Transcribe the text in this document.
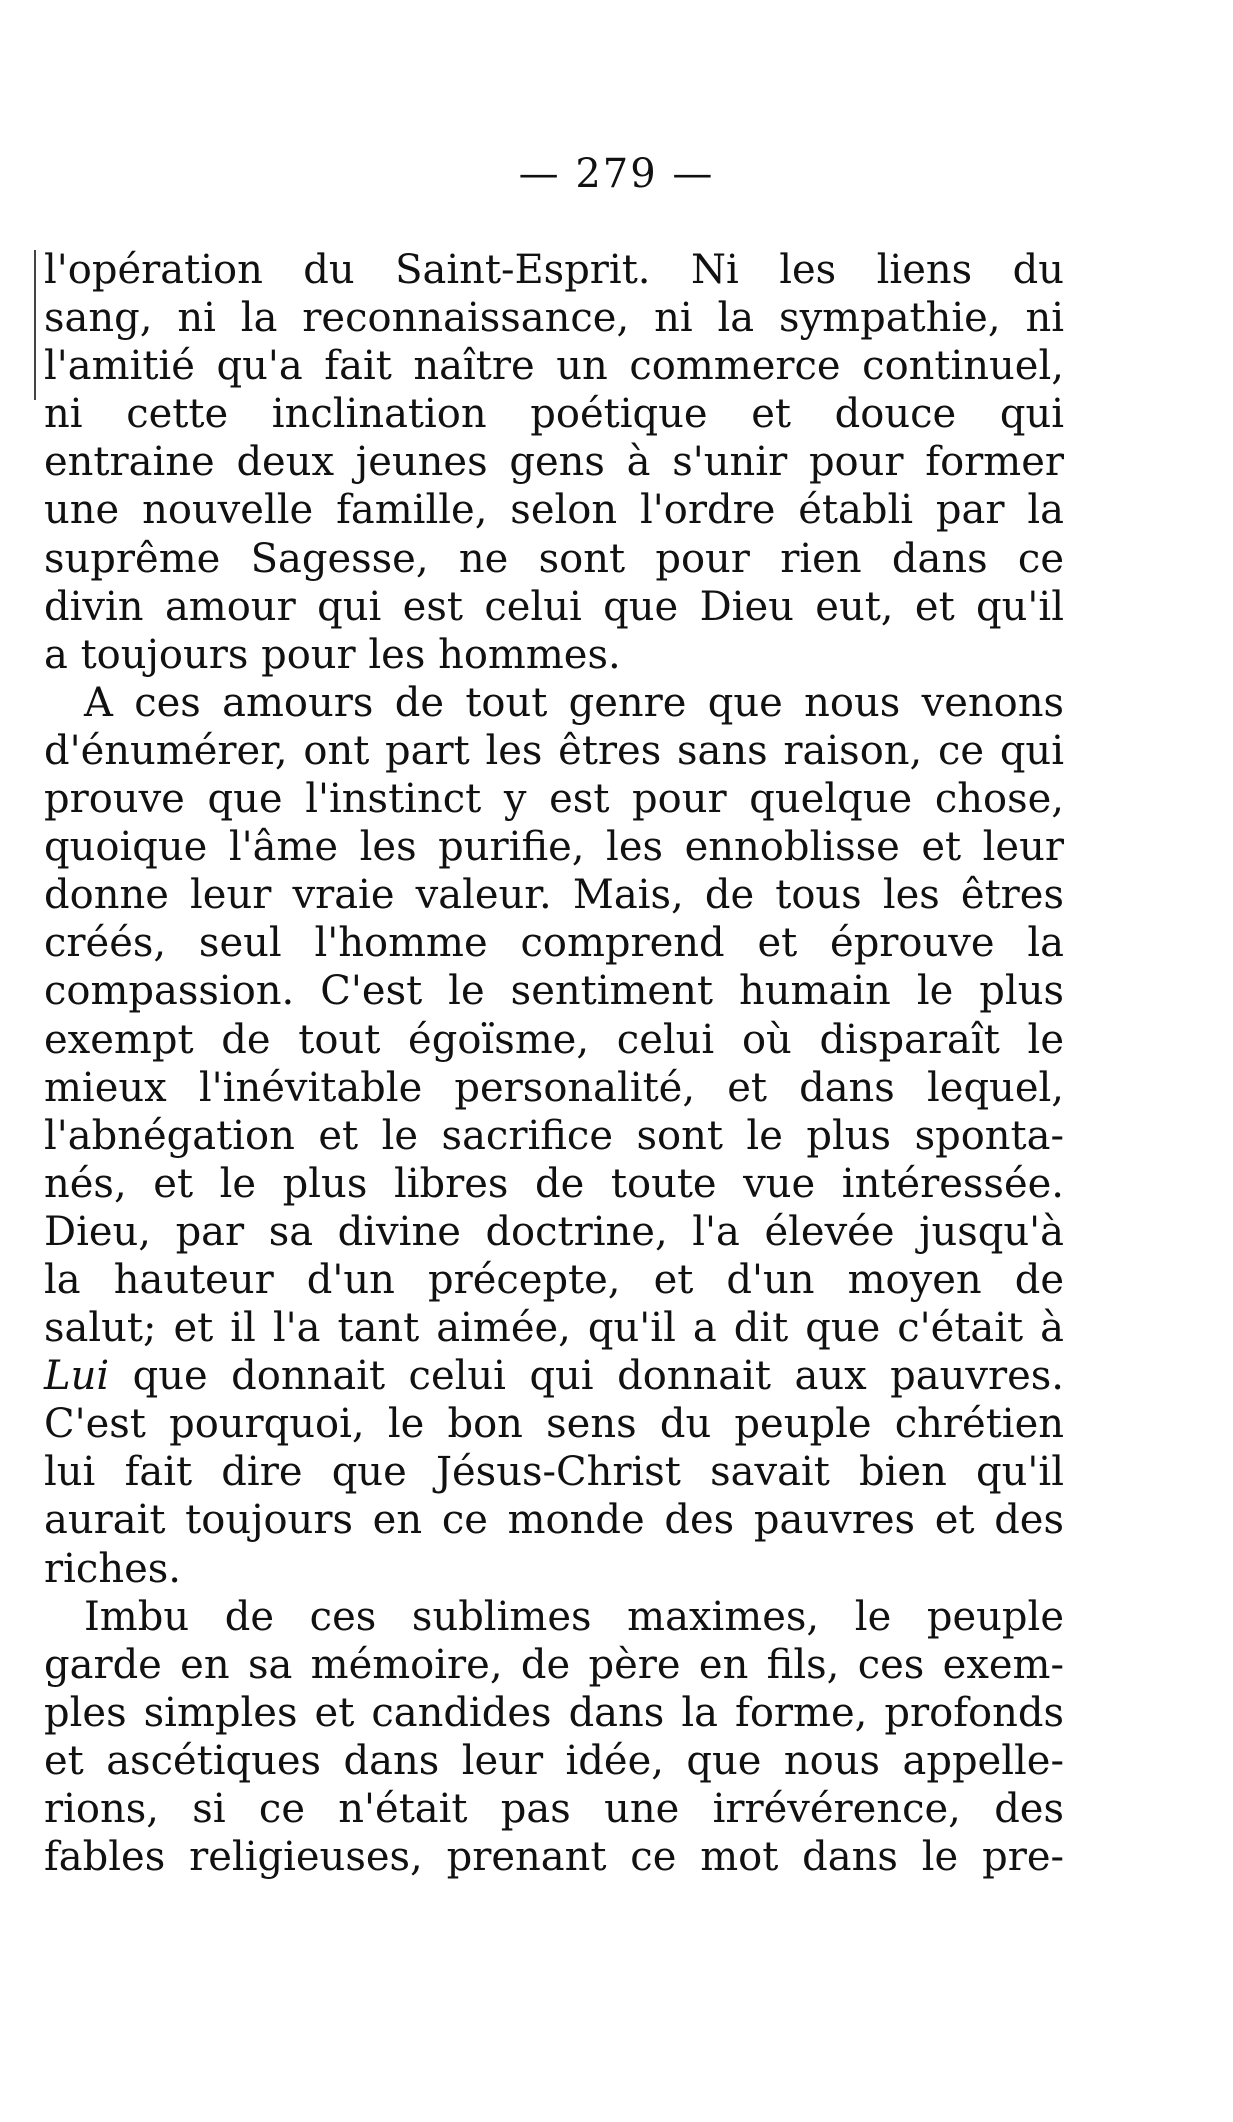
— 279 —
l'opération du Saint-Esprit. Ni les liens du
sang, ni la reconnaissance, ni la sympathie, ni
l'amitié qu'a fait naître un commerce continuel,
ni cette inclination poétique et douce qui
entraine deux jeunes gens à s'unir pour former
une nouvelle famille, selon l'ordre établi par la
suprême Sagesse, ne sont pour rien dans ce
divin amour qui est celui que Dieu eut, et qu'il
a toujours pour les hommes.
A ces amours de tout genre que nous venons
d'énumérer, ont part les êtres sans raison, ce qui
prouve que l'instinct y est pour quelque chose,
quoique l'âme les purifie, les ennoblisse et leur
donne leur vraie valeur. Mais, de tous les êtres
créés, seul l'homme comprend et éprouve la
compassion. C'est le sentiment humain le plus
exempt de tout égoïsme, celui où disparaît le
mieux l'inévitable personalité, et dans lequel,
l'abnégation et le sacrifice sont le plus sponta-
nés, et le plus libres de toute vue intéressée.
Dieu, par sa divine doctrine, l'a élevée jusqu'à
la hauteur d'un précepte, et d'un moyen de
salut; et il l'a tant aimée, qu'il a dit que c'était à
Lui que donnait celui qui donnait aux pauvres.
C'est pourquoi, le bon sens du peuple chrétien
lui fait dire que Jésus-Christ savait bien qu'il
aurait toujours en ce monde des pauvres et des
riches.
Imbu de ces sublimes maximes, le peuple
garde en sa mémoire, de père en fils, ces exem-
ples simples et candides dans la forme, profonds
et ascétiques dans leur idée, que nous appelle-
rions, si ce n'était pas une irrévérence, des
fables religieuses, prenant ce mot dans le pre-
